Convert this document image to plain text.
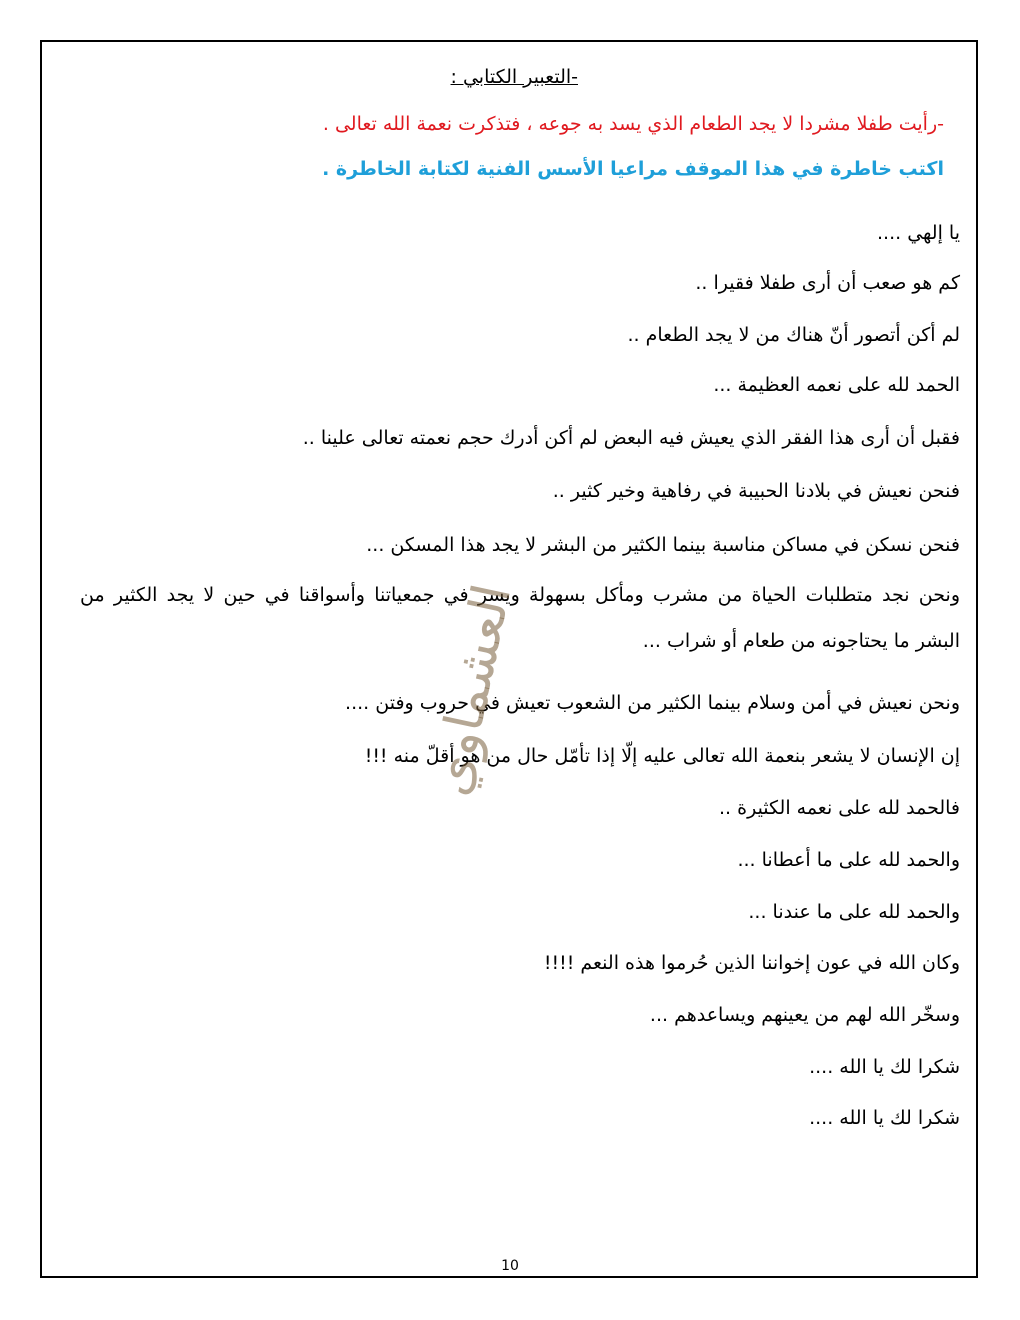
-التعبير الكتابي :
-رأيت طفلا مشردا لا يجد الطعام الذي يسد به جوعه ، فتذكرت نعمة الله تعالى .
اكتب خاطرة في هذا الموقف مراعيا الأسس الفنية لكتابة الخاطرة .
يا إلهي ....
كم هو صعب أن أرى طفلا فقيرا ..
لم أكن أتصور أنّ هناك من لا يجد الطعام ..
الحمد لله على نعمه العظيمة ...
فقبل أن أرى هذا الفقر الذي يعيش فيه البعض لم أكن أدرك حجم نعمته تعالى علينا ..
فنحن نعيش في بلادنا الحبيبة في رفاهية وخير كثير ..
فنحن نسكن في مساكن مناسبة بينما الكثير من البشر لا يجد هذا المسكن ...
ونحن نجد متطلبات الحياة من مشرب ومأكل بسهولة ويسر في جمعياتنا وأسواقنا في حين لا يجد الكثير من
البشر ما يحتاجونه من طعام أو شراب ...
ونحن نعيش في أمن وسلام بينما الكثير من الشعوب تعيش في حروب وفتن ....
إن الإنسان لا يشعر بنعمة الله تعالى عليه إلّا إذا تأمّل حال من هو أقلّ منه !!!
فالحمد لله على نعمه الكثيرة ..
والحمد لله على ما أعطانا ...
والحمد لله على ما عندنا ...
وكان الله في عون إخواننا الذين حُرموا هذه النعم !!!!
وسخّر الله لهم من يعينهم ويساعدهم ...
شكرا لك يا الله ....
شكرا لك يا الله ....
العشماوي
10
